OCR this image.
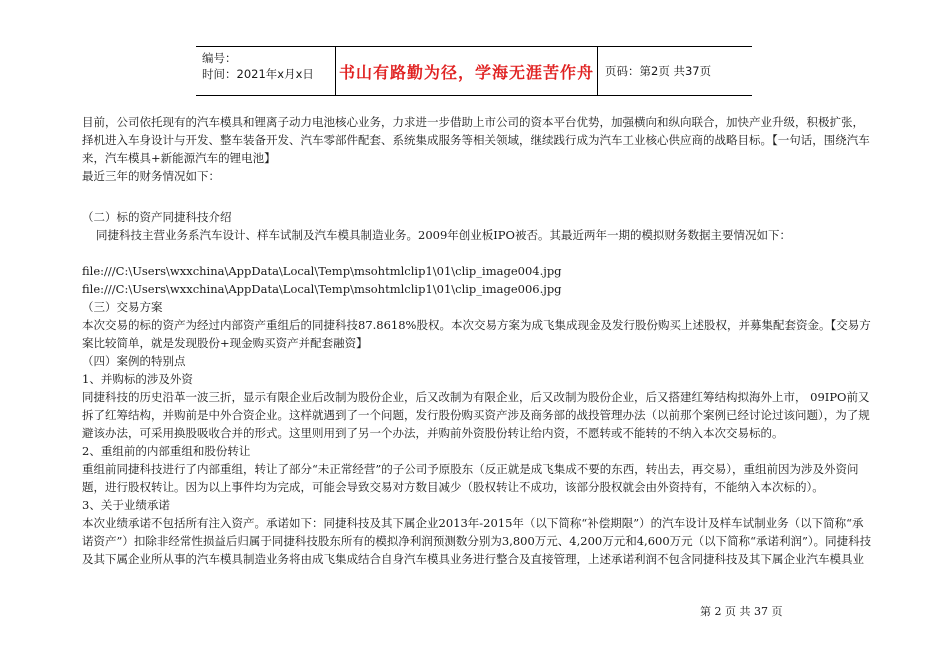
编号：
时间：2021年x月x日	书山有路勤为径，学海无涯苦作舟 页码：第2页 共37页

目前，公司依托现有的汽车模具和锂离子动力电池核心业务，力求进一步借助上市公司的资本平台优势，加强横向和纵向联合，加快产业升级，积极扩张，择机进入车身设计与开发、整车装备开发、汽车零部件配套、系统集成服务等相关领域，继续践行成为汽车工业核心供应商的战略目标。【一句话，围绕汽车来，汽车模具+新能源汽车的锂电池】

最近三年的财务情况如下：

（二）标的资产同捷科技介绍

同捷科技主营业务系汽车设计、样车试制及汽车模具制造业务。2009年创业板IPO被否。其最近两年一期的模拟财务数据主要情况如下：

file:///C:\Users\wxxchina\AppData\Local\Temp\msohtmlclip1\01\clip_image004.jpg

file:///C:\Users\wxxchina\AppData\Local\Temp\msohtmlclip1\01\clip_image006.jpg

（三）交易方案

本次交易的标的资产为经过内部资产重组后的同捷科技87.8618%股权。本次交易方案为成飞集成现金及发行股份购买上述股权，并募集配套资金。【交易方案比较简单，就是发现股份+现金购买资产并配套融资】

（四）案例的特别点

1、并购标的涉及外资

同捷科技的历史沿革一波三折，显示有限企业后改制为股份企业，后又改制为有限企业，后又改制为股份企业，后又搭建红筹结构拟海外上市， 09IPO前又拆了红筹结构，并购前是中外合资企业。这样就遇到了一个问题，发行股份购买资产涉及商务部的战投管理办法（以前那个案例已经讨论过该问题），为了规避该办法，可采用换股吸收合并的形式。这里则用到了另一个办法，并购前外资股份转让给内资，不愿转或不能转的不纳入本次交易标的。

2、重组前的内部重组和股份转让

重组前同捷科技进行了内部重组，转让了部分“未正常经营”的子公司予原股东（反正就是成飞集成不要的东西，转出去，再交易），重组前因为涉及外资问题，进行股权转让。因为以上事件均为完成，可能会导致交易对方数目减少（股权转让不成功，该部分股权就会由外资持有，不能纳入本次标的）。

3、关于业绩承诺

本次业绩承诺不包括所有注入资产。承诺如下：同捷科技及其下属企业2013年-2015年（以下简称“补偿期限”）的汽车设计及样车试制业务（以下简称“承诺资产”）扣除非经常性损益后归属于同捷科技股东所有的模拟净利润预测数分别为3,800万元、4,200万元和4,600万元（以下简称“承诺利润”）。同捷科技及其下属企业所从事的汽车模具制造业务将由成飞集成结合自身汽车模具业务进行整合及直接管理，上述承诺利润不包含同捷科技及其下属企业汽车模具业

第 2 页 共 37 页
